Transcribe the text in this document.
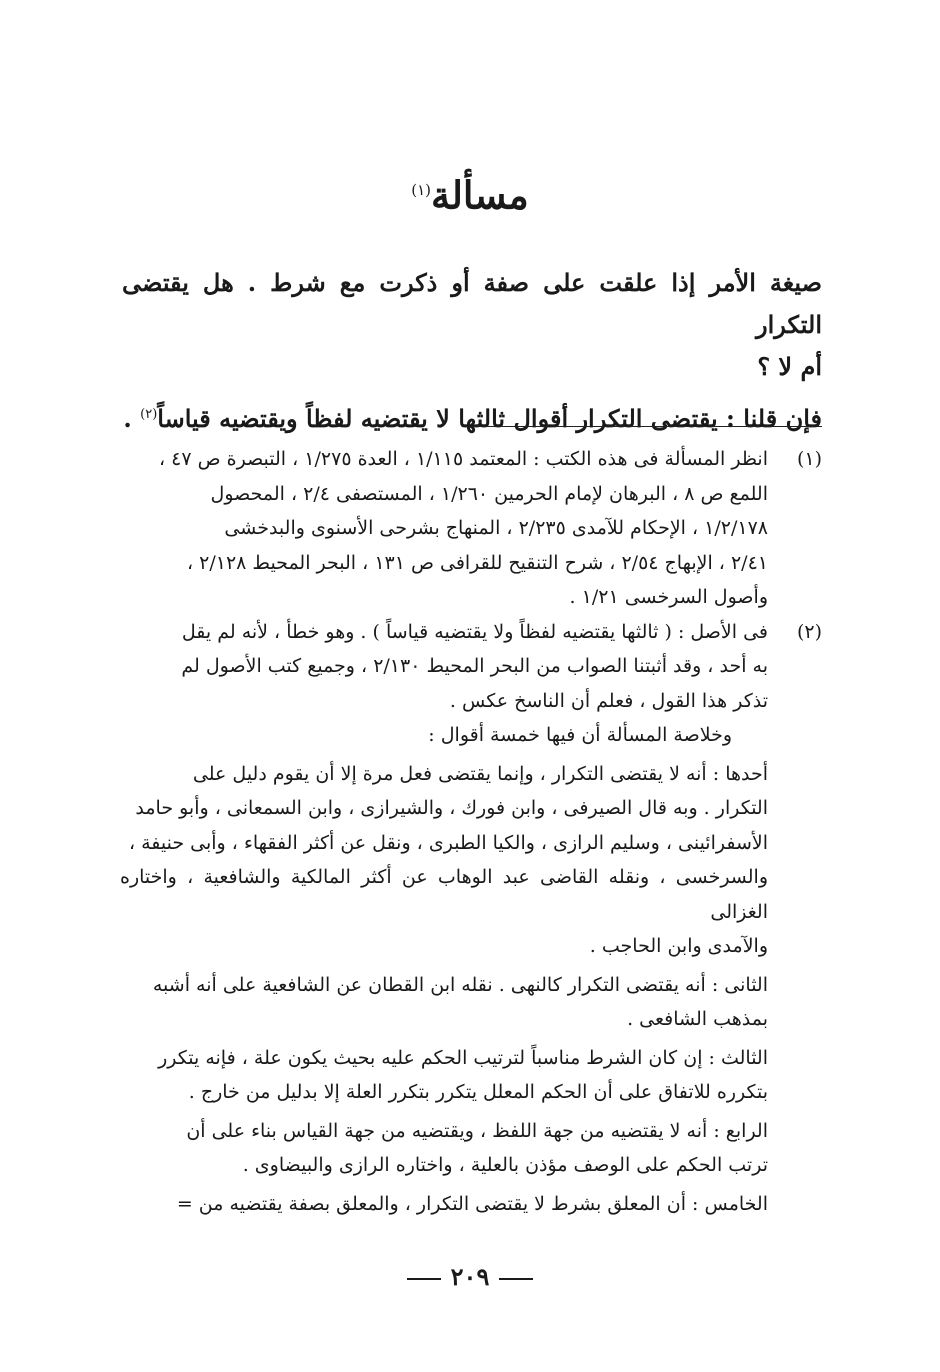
مسألة$^{(١)}$

صيغة الأمر إذا علقت على صفة أو ذكرت مع شرط . هل يقتضى التكرار

أم لا ؟

فإن قلنا : يقتضى التكرار أقوال ثالثها لا يقتضيه لفظاً ويقتضيه قياساً$^{(٢)}$ .

(١)

انظر المسألة فى هذه الكتب : المعتمد ١/١١٥ ، العدة ١/٢٧٥ ، التبصرة ص ٤٧ ،

اللمع ص ٨ ، البرهان لإمام الحرمين ١/٢٦٠ ، المستصفى ٢/٤ ، المحصول

١/٢/١٧٨ ، الإحكام للآمدى ٢/٢٣٥ ، المنهاج بشرحى الأسنوى والبدخشى

٢/٤١ ، الإبهاج ٢/٥٤ ، شرح التنقيح للقرافى ص ١٣١ ، البحر المحيط ٢/١٢٨ ،

وأصول السرخسى ١/٢١ .

(٢)

فى الأصل : ( ثالثها يقتضيه لفظاً ولا يقتضيه قياساً ) . وهو خطأ ، لأنه لم يقل

به أحد ، وقد أثبتنا الصواب من البحر المحيط ٢/١٣٠ ، وجميع كتب الأصول لم

تذكر هذا القول ، فعلم أن الناسخ عكس .

وخلاصة المسألة أن فيها خمسة أقوال :

أحدها : أنه لا يقتضى التكرار ، وإنما يقتضى فعل مرة إلا أن يقوم دليل على

التكرار . وبه قال الصيرفى ، وابن فورك ، والشيرازى ، وابن السمعانى ، وأبو حامد

الأسفرائينى ، وسليم الرازى ، والكيا الطبرى ، ونقل عن أكثر الفقهاء ، وأبى حنيفة ،

والسرخسى ، ونقله القاضى عبد الوهاب عن أكثر المالكية والشافعية ، واختاره الغزالى

والآمدى وابن الحاجب .

الثانى : أنه يقتضى التكرار كالنهى . نقله ابن القطان عن الشافعية على أنه أشبه

بمذهب الشافعى .

الثالث : إن كان الشرط مناسباً لترتيب الحكم عليه بحيث يكون علة ، فإنه يتكرر

بتكرره للاتفاق على أن الحكم المعلل يتكرر بتكرر العلة إلا بدليل من خارج .

الرابع : أنه لا يقتضيه من جهة اللفظ ، ويقتضيه من جهة القياس بناء على أن

ترتب الحكم على الوصف مؤذن بالعلية ، واختاره الرازى والبيضاوى .

الخامس : أن المعلق بشرط لا يقتضى التكرار ، والمعلق بصفة يقتضيه من =

٢٠٩
